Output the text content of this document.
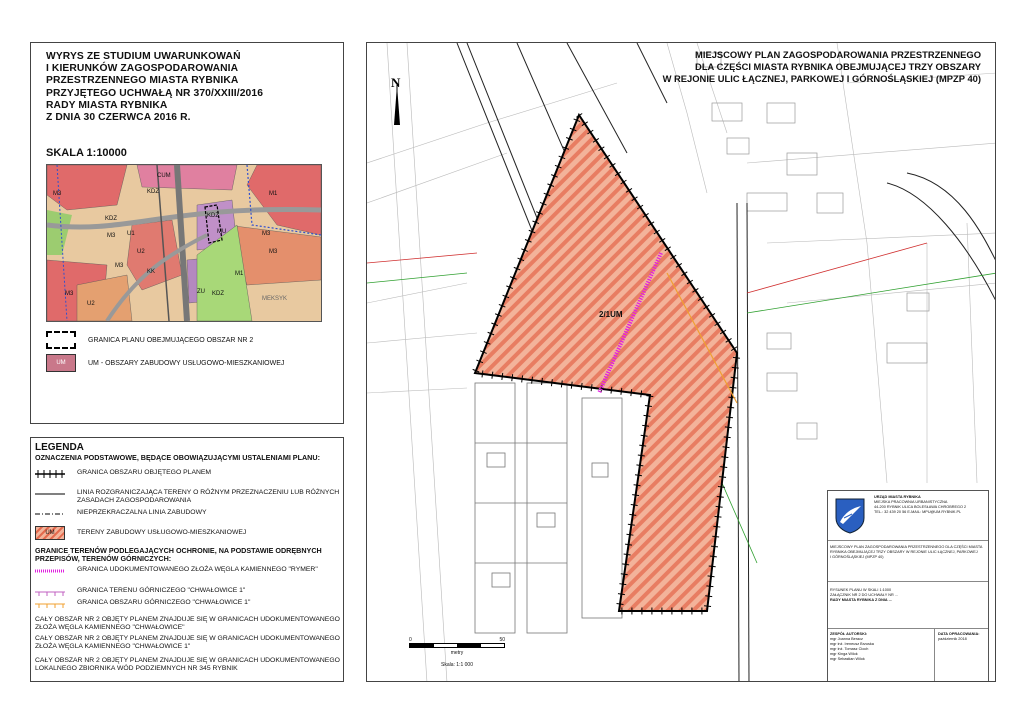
WYRYS ZE STUDIUM UWARUNKOWAŃ
I KIERUNKÓW ZAGOSPODAROWANIA
PRZESTRZENNEGO MIASTA RYBNIKA
PRZYJĘTEGO UCHWAŁĄ NR 370/XXIII/2016
RADY MIASTA RYBNIKA
Z DNIA 30 CZERWCA 2016 R.
SKALA 1:10000
M3
CUM
KDZ	M1
M3
KDZ
U1
M3
KDZ
U2
M3
KK
MU
ZU KDZ
M3
M1
U2
M3
MEKSYK
GRANICA PLANU OBEJMUJĄCEGO OBSZAR NR 2
UM	UM - OBSZARY ZABUDOWY USŁUGOWO-MIESZKANIOWEJ
LEGENDA
OZNACZENIA PODSTAWOWE, BĘDĄCE OBOWIĄZUJĄCYMI USTALENIAMI PLANU:
GRANICA OBSZARU OBJĘTEGO PLANEM
LINIA ROZGRANICZAJĄCA TERENY O RÓŻNYM PRZEZNACZENIU LUB RÓŻNYCH ZASADACH ZAGOSPODAROWANIA
NIEPRZEKRACZALNA LINIA ZABUDOWY
UM	TERENY ZABUDOWY USŁUGOWO-MIESZKANIOWEJ
GRANICE TERENÓW PODLEGAJĄCYCH OCHRONIE, NA PODSTAWIE ODRĘBNYCH PRZEPISÓW, TERENÓW GÓRNICZYCH:
GRANICA UDOKUMENTOWANEGO ZŁOŻA WĘGLA KAMIENNEGO "RYMER"
GRANICA TERENU GÓRNICZEGO "CHWAŁOWICE 1"
GRANICA OBSZARU GÓRNICZEGO "CHWAŁOWICE 1"
CAŁY OBSZAR NR 2 OBJĘTY PLANEM ZNAJDUJE SIĘ W GRANICACH UDOKUMENTOWANEGO ZŁOŻA WĘGLA KAMIENNEGO "CHWAŁOWICE"
CAŁY OBSZAR NR 2 OBJĘTY PLANEM ZNAJDUJE SIĘ W GRANICACH UDOKUMENTOWANEGO ZŁOŻA WĘGLA KAMIENNEGO "CHWAŁOWICE 1"
CAŁY OBSZAR NR 2 OBJĘTY PLANEM ZNAJDUJE SIĘ W GRANICACH UDOKUMENTOWANEGO LOKALNEGO ZBIORNIKA WÓD PODZIEMNYCH NR 345 RYBNIK
2/1UM
N
MIEJSCOWY PLAN ZAGOSPODAROWANIA PRZESTRZENNEGO
DLA CZĘŚCI MIASTA RYBNIKA OBEJMUJĄCEJ TRZY OBSZARY
W REJONIE ULIC ŁĄCZNEJ, PARKOWEJ I GÓRNOŚLĄSKIEJ (MPZP 40)
0	50
metry
Skala: 1:1 000
URZĄD MIASTA RYBNIKA
MIEJSKA PRACOWNIA URBANISTYCZNA
44-200 RYBNIK ULICA BOLESŁAWA CHROBREGO 2
TEL.: 32 439 20 56 E-MAIL: MPU@UM.RYBNIK.PL
MIEJSCOWY PLAN ZAGOSPODAROWANIA PRZESTRZENNEGO DLA CZĘŚCI MIASTA
RYBNIKA OBEJMUJĄCEJ TRZY OBSZARY W REJONIE ULIC ŁĄCZNEJ, PARKOWEJ
I GÓRNOŚLĄSKIEJ (MPZP 40)
RYSUNEK PLANU W SKALI 1:1000
ZAŁĄCZNIK NR 2 DO UCHWAŁY NR ...
RADY MIASTA RYBNIKA Z DNIA ...
ZESPÓŁ AUTORSKI:
mgr Joanna Beracz
mgr inż. Ireneusz Brzuska
mgr inż. Tomasz Cioch
mgr Kinga Wilok
mgr Sebastian Wilok
DATA OPRACOWANIA:
październik 2018
